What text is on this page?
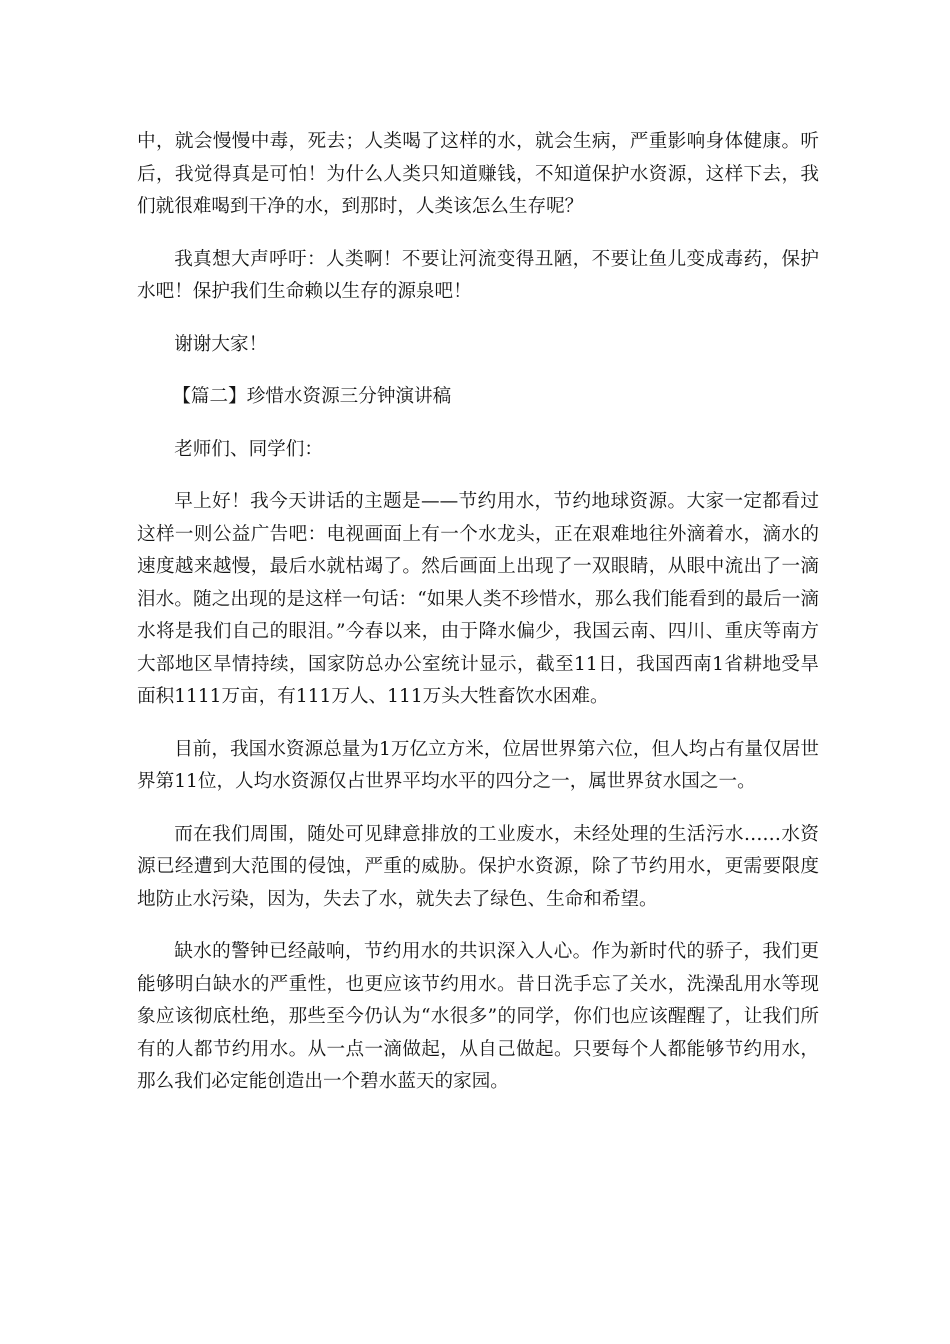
中，就会慢慢中毒，死去；人类喝了这样的水，就会生病，严重影响身体健康。听后，我觉得真是可怕！为什么人类只知道赚钱，不知道保护水资源，这样下去，我们就很难喝到干净的水，到那时，人类该怎么生存呢？

我真想大声呼吁：人类啊！不要让河流变得丑陋，不要让鱼儿变成毒药，保护水吧！保护我们生命赖以生存的源泉吧！

谢谢大家！

【篇二】珍惜水资源三分钟演讲稿

老师们、同学们：

早上好！我今天讲话的主题是——节约用水，节约地球资源。大家一定都看过这样一则公益广告吧：电视画面上有一个水龙头，正在艰难地往外滴着水，滴水的速度越来越慢，最后水就枯竭了。然后画面上出现了一双眼睛，从眼中流出了一滴泪水。随之出现的是这样一句话：“如果人类不珍惜水，那么我们能看到的最后一滴水将是我们自己的眼泪。”今春以来，由于降水偏少，我国云南、四川、重庆等南方大部地区旱情持续，国家防总办公室统计显示，截至11日，我国西南1省耕地受旱面积1111万亩，有111万人、111万头大牲畜饮水困难。

目前，我国水资源总量为1万亿立方米，位居世界第六位，但人均占有量仅居世界第11位，人均水资源仅占世界平均水平的四分之一，属世界贫水国之一。

而在我们周围，随处可见肆意排放的工业废水，未经处理的生活污水……水资源已经遭到大范围的侵蚀，严重的威胁。保护水资源，除了节约用水，更需要限度地防止水污染，因为，失去了水，就失去了绿色、生命和希望。

缺水的警钟已经敲响，节约用水的共识深入人心。作为新时代的骄子，我们更能够明白缺水的严重性，也更应该节约用水。昔日洗手忘了关水，洗澡乱用水等现象应该彻底杜绝，那些至今仍认为“水很多”的同学，你们也应该醒醒了，让我们所有的人都节约用水。从一点一滴做起，从自己做起。只要每个人都能够节约用水，那么我们必定能创造出一个碧水蓝天的家园。
